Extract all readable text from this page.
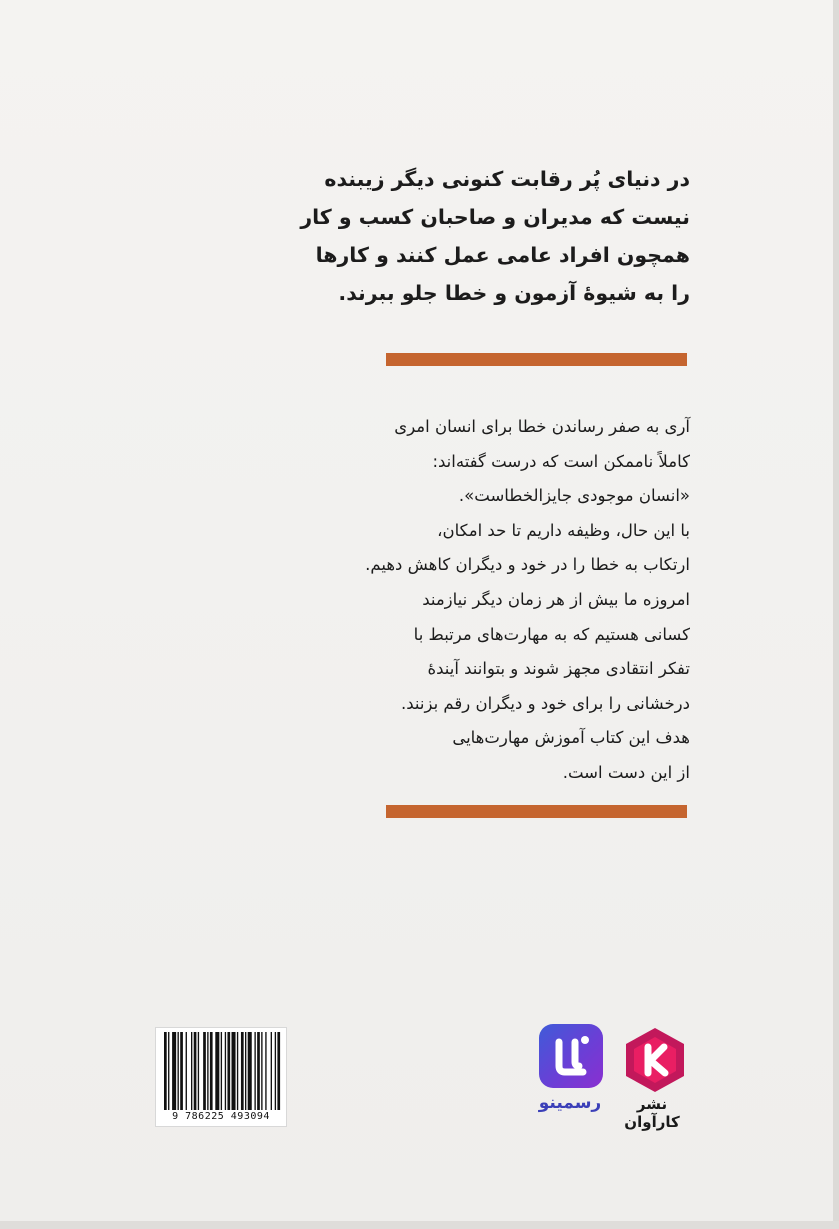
در دنیای پُر رقابت کنونی دیگر زیبنده
نیست که مدیران و صاحبان کسب و کار
همچون افراد عامی عمل کنند و کارها
را به شیوهٔ آزمون و خطا جلو ببرند.
آری به صفر رساندن خطا برای انسان امری
کاملاً ناممکن است که درست گفته‌اند:
«انسان موجودی جایزالخطاست».
با این حال، وظیفه داریم تا حد امکان،
ارتکاب به خطا را در خود و دیگران کاهش دهیم.
امروزه ما بیش از هر زمان دیگر نیازمند
کسانی هستیم که به مهارت‌های مرتبط با
تفکر انتقادی مجهز شوند و بتوانند آیندهٔ
درخشانی را برای خود و دیگران رقم بزنند.
هدف این کتاب آموزش مهارت‌هایی
از این دست است.
9 786225 493094
رسمینو	نشر کارآوان
